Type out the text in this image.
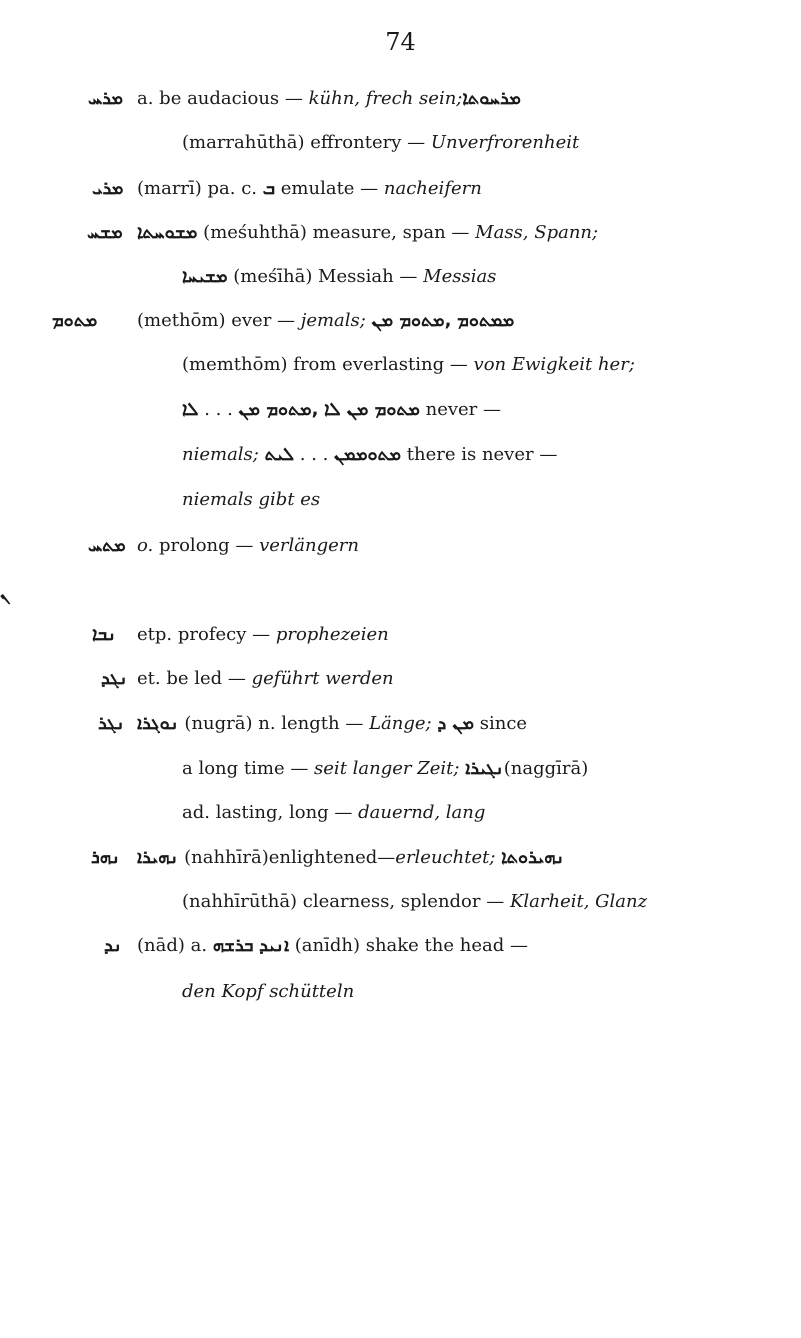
74
ܡܪܚ a. be audacious — kühn, frech sein; ܡܪܚܘܬܐ
(marrahūthā) effrontery — Unverfrorenheit
ܡܪܝ (marrī) pa. c. ܒ emulate — nacheifern
ܡܫܚ ܡܫܘܚܬܐ (meśuhthā) measure, span — Mass, Spann;
ܡܫܝܚܐ (meśīhā) Messiah — Messias
ܡܬܘܡ (methōm) ever — jemals;
ܡܬܘܡ ܡܢ,
ܡܡܬܘܡ
(memthōm) from everlasting — von Ewigkeit her;
ܠܐ . . . ܡܬܘܡ ܡܢ,
ܡܬܘܡ ܡܢ ܠܐ never —
niemals;
ܠܝܬ . . . ܡܬܘܡܡܢ there is never —
niemals gibt es
ܡܬܚ o. prolong — verlängern
ܢ
ܢܒܐ etp. profecy — prophezeien
ܢܓܕ et. be led — geführt werden
ܢܓܪ ܢܘܓܪܐ (nugrā) n. length — Länge;
ܡܢ ܕ since
a long time — seit langer Zeit;
ܢܓܝܪܐ (naggīrā)
ad. lasting, long — dauernd, lang
ܢܗܪ ܢܗܝܪܐ (nahhīrā)enlightened— erleuchtet;
ܢܗܝܪܘܬܐ
(nahhīrūthā) clearness, splendor — Klarheit, Glanz
ܢܕ (nād) a. ܒܪܫܗ
ܐܢܝܕ (anīdh) shake the head —
den Kopf schütteln
